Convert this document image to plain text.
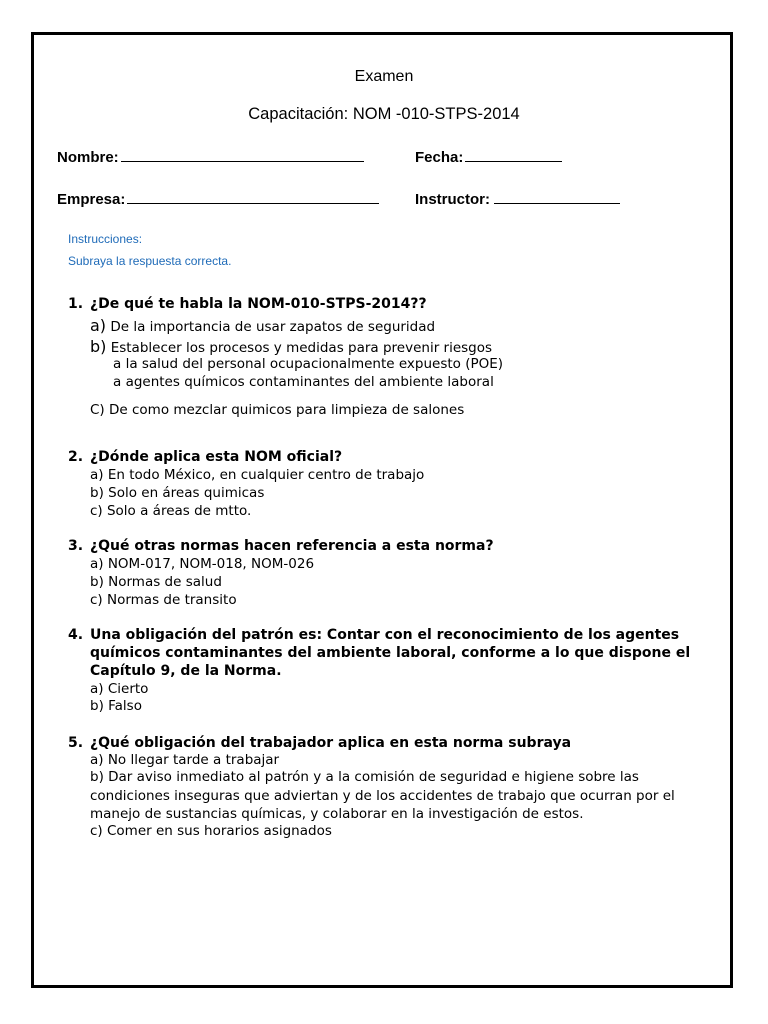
Examen
Capacitación: NOM -010-STPS-2014
Nombre:	Fecha:
Empresa:	Instructor:
Instrucciones:
Subraya la respuesta correcta.
1. ¿De qué te habla la NOM-010-STPS-2014??
a) De la importancia de usar zapatos de seguridad
b) Establecer los procesos y medidas para prevenir riesgos
a la salud del personal ocupacionalmente expuesto (POE)
a agentes químicos contaminantes del ambiente laboral
C) De como mezclar quimicos para limpieza de salones
2. ¿Dónde aplica esta NOM oficial?
a) En todo México, en cualquier centro de trabajo
b) Solo en áreas quimicas
c) Solo a áreas de mtto.
3. ¿Qué otras normas hacen referencia a esta norma?
a) NOM-017, NOM-018, NOM-026
b) Normas de salud
c) Normas de transito
4. Una obligación del patrón es: Contar con el reconocimiento de los agentes
químicos contaminantes del ambiente laboral, conforme a lo que dispone el
Capítulo 9, de la Norma.
a) Cierto
b) Falso
5. ¿Qué obligación del trabajador aplica en esta norma subraya
a) No llegar tarde a trabajar
b) Dar aviso inmediato al patrón y a la comisión de seguridad e higiene sobre las
condiciones inseguras que adviertan y de los accidentes de trabajo que ocurran por el
manejo de sustancias químicas, y colaborar en la investigación de estos.
c) Comer en sus horarios asignados
